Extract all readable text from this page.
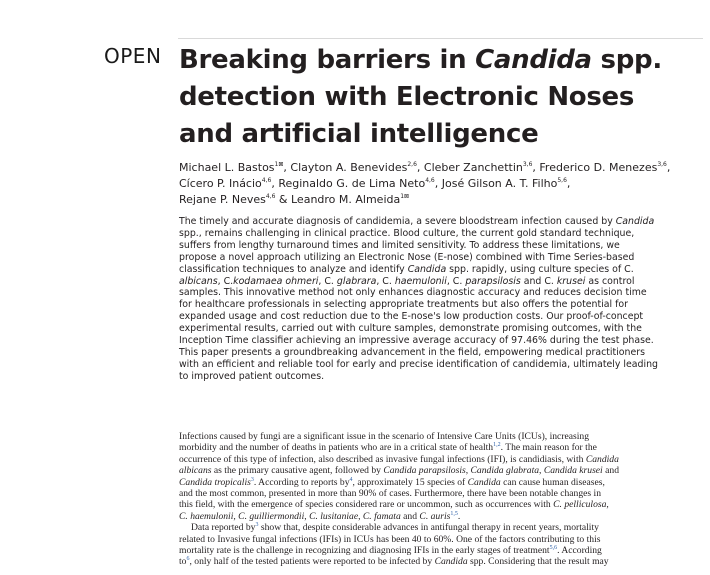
OPEN Breaking barriers in Candida spp.
detection with Electronic Noses
and artificial intelligence
Michael L. Bastos$^{1⊠}$, Clayton A. Benevides$^{2,6}$, Cleber Zanchettin$^{3,6}$, Frederico D. Menezes$^{3,6}$,
Cícero P. Inácio$^{4,6}$, Reginaldo G. de Lima Neto$^{4,6}$, José Gilson A. T. Filho$^{5,6}$,
Rejane P. Neves$^{4,6}$ & Leandro M. Almeida$^{1⊠}$
The timely and accurate diagnosis of candidemia, a severe bloodstream infection caused by Candida
spp., remains challenging in clinical practice. Blood culture, the current gold standard technique,
suffers from lengthy turnaround times and limited sensitivity. To address these limitations, we
propose a novel approach utilizing an Electronic Nose (E-nose) combined with Time Series-based
classification techniques to analyze and identify Candida spp. rapidly, using culture species of C.
albicans, C.kodamaea ohmeri, C. glabrara, C. haemulonii, C. parapsilosis and C. krusei as control
samples. This innovative method not only enhances diagnostic accuracy and reduces decision time
for healthcare professionals in selecting appropriate treatments but also offers the potential for
expanded usage and cost reduction due to the E-nose's low production costs. Our proof-of-concept
experimental results, carried out with culture samples, demonstrate promising outcomes, with the
Inception Time classifier achieving an impressive average accuracy of 97.46% during the test phase.
This paper presents a groundbreaking advancement in the field, empowering medical practitioners
with an efficient and reliable tool for early and precise identification of candidemia, ultimately leading
to improved patient outcomes.
Infections caused by fungi are a significant issue in the scenario of Intensive Care Units (ICUs), increasing
morbidity and the number of deaths in patients who are in a critical state of health$^{1,2}$. The main reason for the
occurrence of this type of infection, also described as invasive fungal infections (IFI), is candidiasis, with Candida
albicans as the primary causative agent, followed by Candida parapsilosis, Candida glabrata, Candida krusei and
Candida tropicalis$^3$. According to reports $by^4$, approximately 15 species of Candida can cause human diseases,
and the most common, presented in more than 90% of cases. Furthermore, there have been notable changes in
this field, with the emergence of species considered rare or uncommon, such as occurrences with C. pelliculosa,
C. haemulonii, C. guilliermondii, C. lusitaniae, C. famata and C. auris$^{1,5}$.
Data reported $by^3$ show that, despite considerable advances in antifungal therapy in recent years, mortality
related to Invasive fungal infections (IFIs) in ICUs has been 40 to 60%. One of the factors contributing to this
mortality rate is the challenge in recognizing and diagnosing IFIs in the early stages of treatment$^{5,6}$. According
$to^6$, only half of the tested patients were reported to be infected by Candida spp. Considering that the result may
